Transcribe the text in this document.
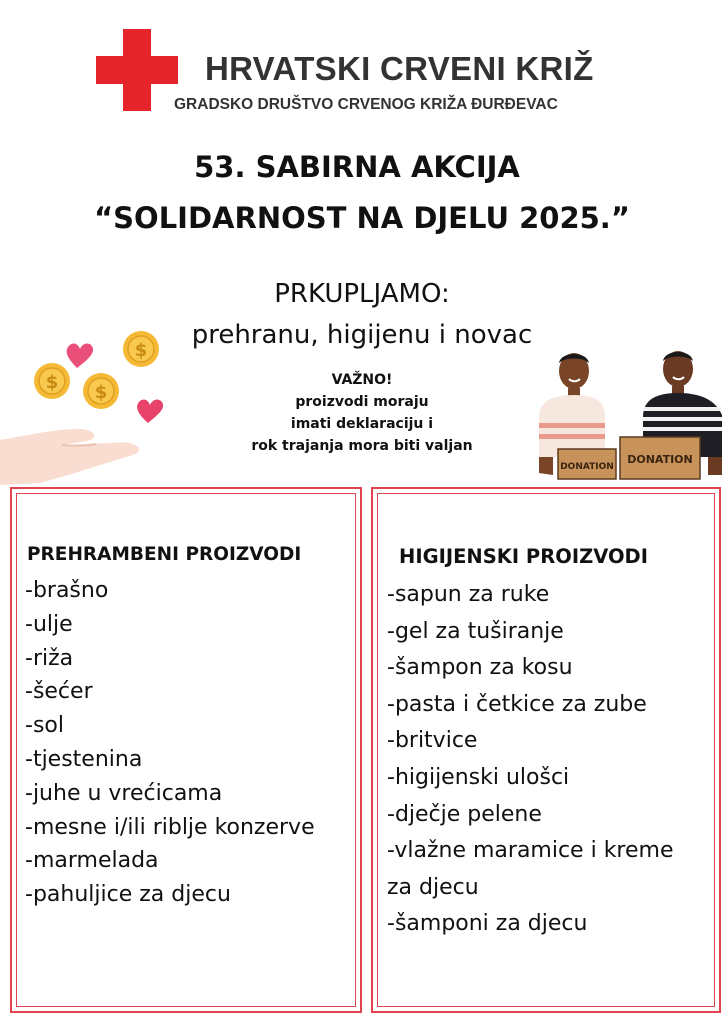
HRVATSKI CRVENI KRIŽ
GRADSKO DRUŠTVO CRVENOG KRIŽA ĐURĐEVAC
53. SABIRNA AKCIJA
“SOLIDARNOST NA DJELU 2025.”
PRKUPLJAMO:
prehranu, higijenu i novac
$
$ $
VAŽNO!
proizvodi moraju
imati deklaraciju i
rok trajanja mora biti valjan
DONATION
DONATION
PREHRAMBENI PROIZVODI
-brašno
-ulje
-riža
-šećer
-sol
-tjestenina
-juhe u vrećicama
-mesne i/ili riblje konzerve
-marmelada
-pahuljice za djecu
HIGIJENSKI PROIZVODI
-sapun za ruke
-gel za tuširanje
-šampon za kosu
-pasta i četkice za zube
-britvice
-higijenski ulošci
-dječje pelene
-vlažne maramice i kreme
za djecu
-šamponi za djecu
